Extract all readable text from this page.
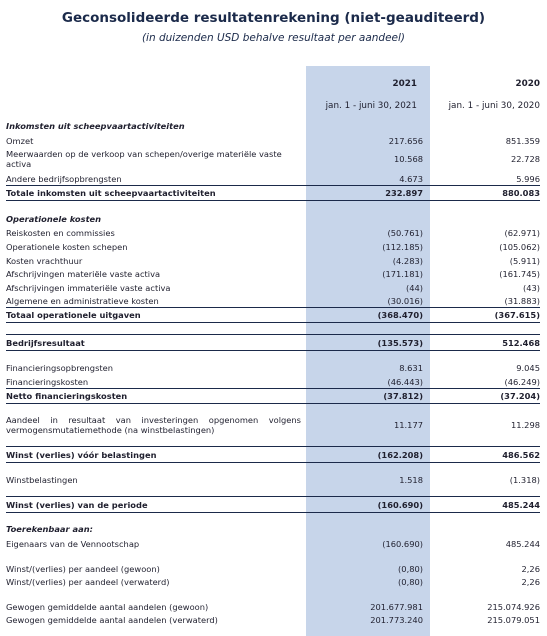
Geconsolideerde resultatenrekening (niet-geauditeerd)
(in duizenden USD behalve resultaat per aandeel)
2021	2020
jan. 1 - juni 30, 2021	jan. 1 - juni 30, 2020
Inkomsten uit scheepvaartactiviteiten
Omzet	217.656	851.359
Meerwaarden op de verkoop van schepen/overige materiële vaste activa	10.568	22.728
Andere bedrijfsopbrengsten	4.673	5.996
Totale inkomsten uit scheepvaartactiviteiten	232.897	880.083
Operationele kosten
Reiskosten en commissies	(50.761)	(62.971)
Operationele kosten schepen	(112.185)	(105.062)
Kosten vrachthuur	(4.283)	(5.911)
Afschrijvingen materiële vaste activa	(171.181)	(161.745)
Afschrijvingen immateriële vaste activa	(44)	(43)
Algemene en administratieve kosten	(30.016)	(31.883)
Totaal operationele uitgaven	(368.470)	(367.615)
Bedrijfsresultaat	(135.573)	512.468
Financieringsopbrengsten	8.631	9.045
Financieringskosten	(46.443)	(46.249)
Netto financieringskosten	(37.812)	(37.204)
Aandeel in resultaat van investeringen opgenomen volgens vermogensmutatiemethode (na winstbelastingen)	11.177	11.298
Winst (verlies) vóór belastingen	(162.208)	486.562
Winstbelastingen	1.518	(1.318)
Winst (verlies) van de periode	(160.690)	485.244
Toerekenbaar aan:
Eigenaars van de Vennootschap	(160.690)	485.244
Winst/(verlies) per aandeel (gewoon)	(0,80)	2,26
Winst/(verlies) per aandeel (verwaterd)	(0,80)	2,26
Gewogen gemiddelde aantal aandelen (gewoon)	201.677.981	215.074.926
Gewogen gemiddelde aantal aandelen (verwaterd)	201.773.240	215.079.051
